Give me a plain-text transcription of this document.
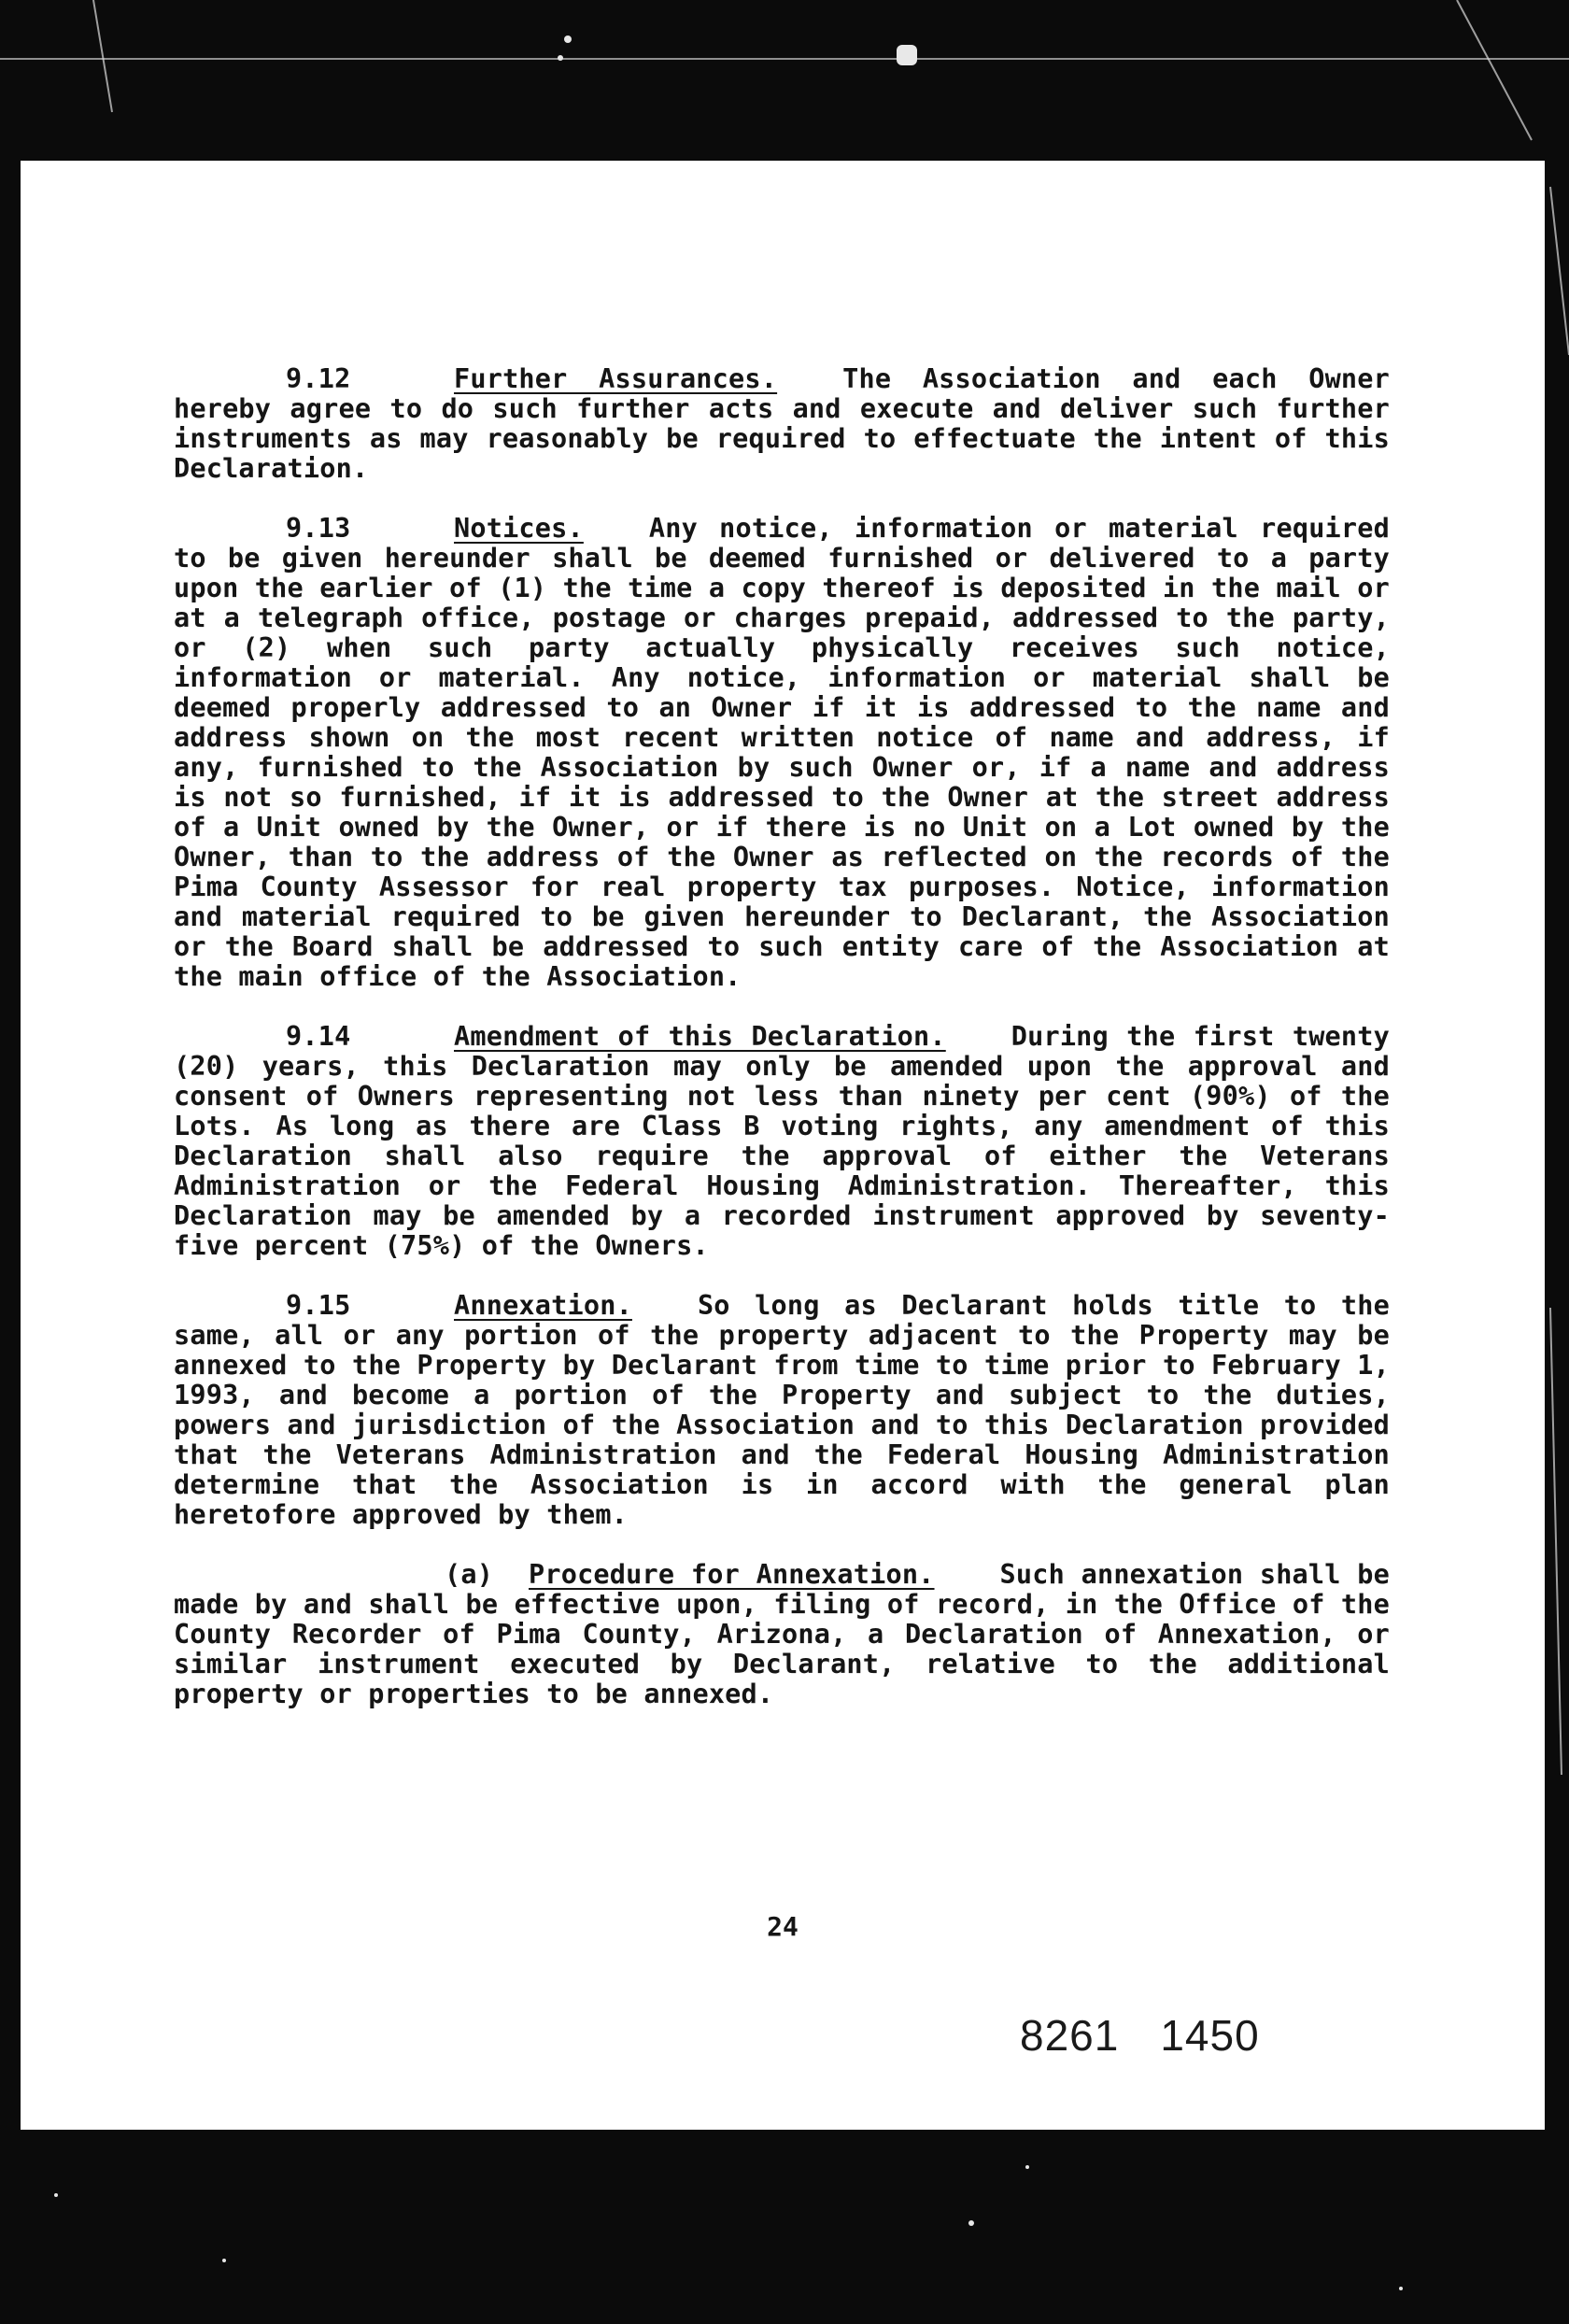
9.12	Further Assurances. The Association and each Owner hereby agree to do such further acts and execute and deliver such further instruments as may reasonably be required to effectuate the intent of this Declaration.

9.13	Notices. Any notice, information or material required to be given hereunder shall be deemed furnished or delivered to a party upon the earlier of (1) the time a copy thereof is deposited in the mail or at a telegraph office, postage or charges prepaid, addressed to the party, or (2) when such party actually physically receives such notice, information or material. Any notice, information or material shall be deemed properly addressed to an Owner if it is addressed to the name and address shown on the most recent written notice of name and address, if any, furnished to the Association by such Owner or, if a name and address is not so furnished, if it is addressed to the Owner at the street address of a Unit owned by the Owner, or if there is no Unit on a Lot owned by the Owner, than to the address of the Owner as reflected on the records of the Pima County Assessor for real property tax purposes. Notice, information and material required to be given hereunder to Declarant, the Association or the Board shall be addressed to such entity care of the Association at the main office of the Association.

9.14	Amendment of this Declaration. During the first twenty (20) years, this Declaration may only be amended upon the approval and consent of Owners representing not less than ninety per cent (90%) of the Lots. As long as there are Class B voting rights, any amendment of this Declaration shall also require the approval of either the Veterans Administration or the Federal Housing Administration. Thereafter, this Declaration may be amended by a recorded instrument approved by seventy-five percent (75%) of the Owners.

9.15	Annexation. So long as Declarant holds title to the same, all or any portion of the property adjacent to the Property may be annexed to the Property by Declarant from time to time prior to February 1, 1993, and become a portion of the Property and subject to the duties, powers and jurisdiction of the Association and to this Declaration provided that the Veterans Administration and the Federal Housing Administration determine that the Association is in accord with the general plan heretofore approved by them.

(a) Procedure for Annexation. Such annexation shall be made by and shall be effective upon, filing of record, in the Office of the County Recorder of Pima County, Arizona, a Declaration of Annexation, or similar instrument executed by Declarant, relative to the additional property or properties to be annexed.

24
8261 1450
